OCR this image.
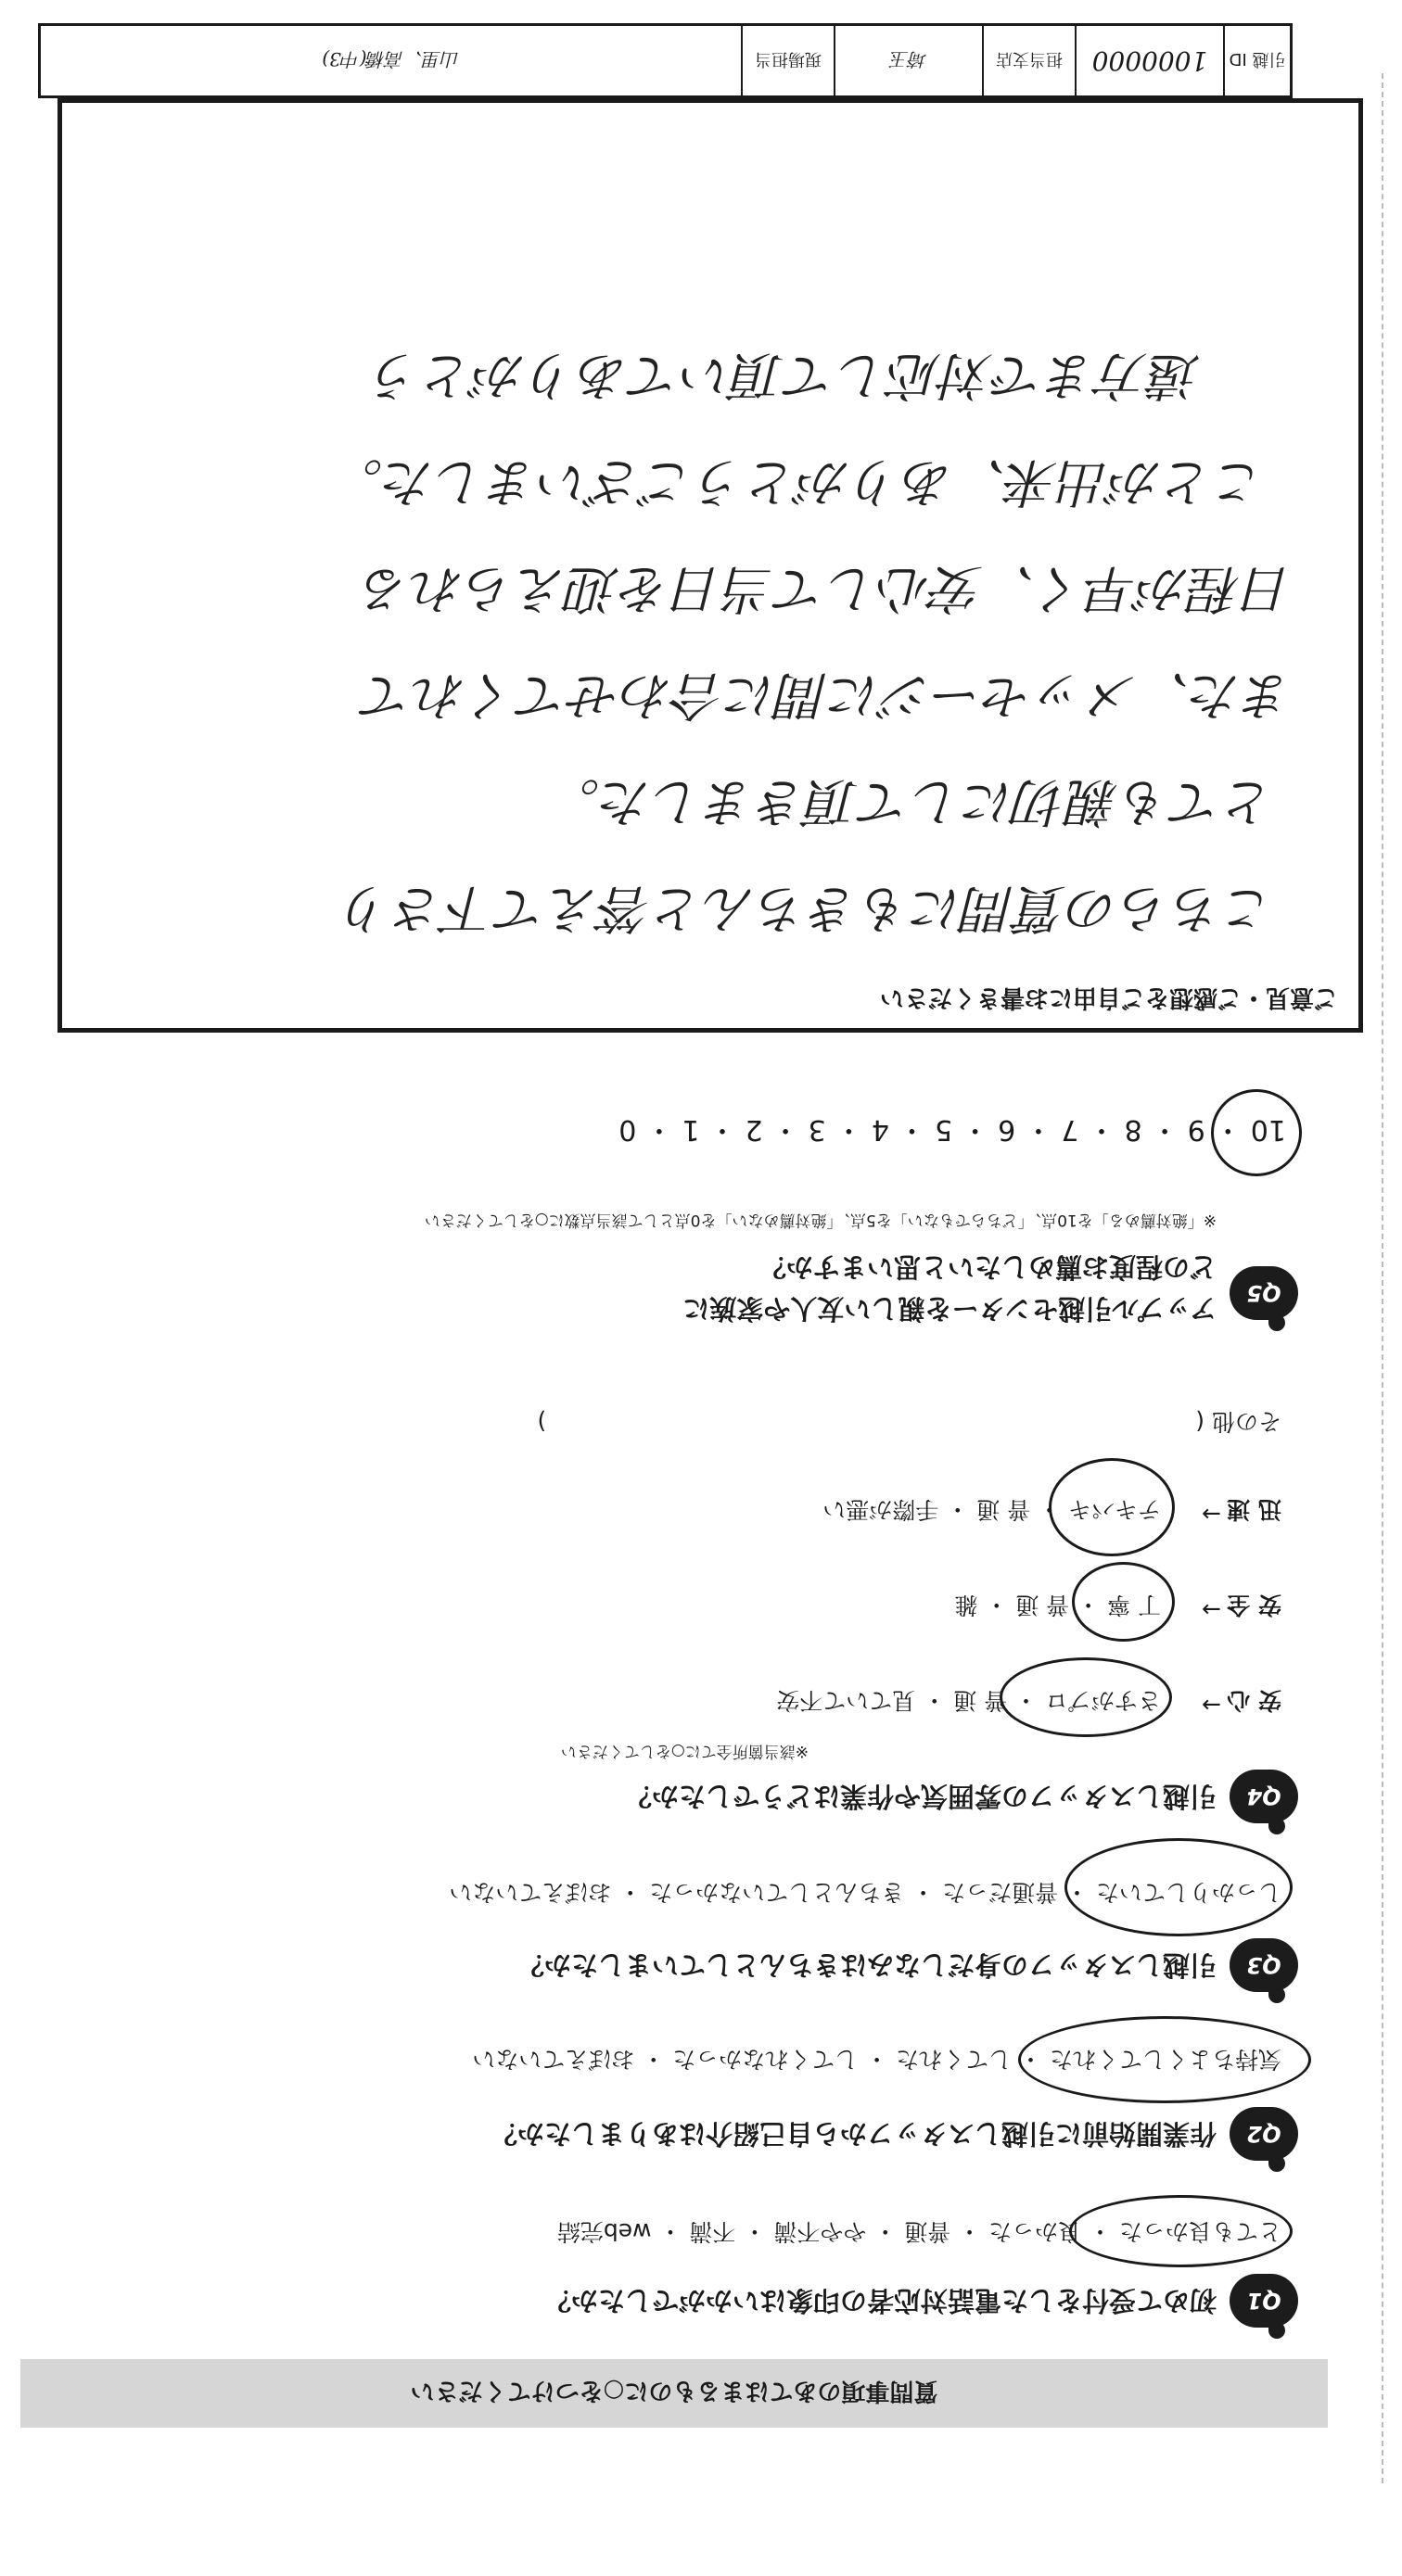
質問事項のあてはまるものに○をつけてください
Q1
初めて受付をした電話対応者の印象はいかがでしたか？
とても良かった ・ 良かった ・ 普通 ・ やや不満 ・ 不満 ・ web完結
Q2
作業開始前に引越しスタッフから自己紹介はありましたか？
気持ちよくしてくれた ・ してくれた ・ してくれなかった ・ おぼえていない
Q3
引越しスタッフの身だしなみはきちんとしていましたか？
しっかりしていた ・ 普通だった ・ きちんとしていなかった ・ おぼえていない
Q4
引越しスタッフの雰囲気や作業はどうでしたか？
※該当箇所全てに○をしてください
安 心
→
さすがプロ ・ 普 通 ・ 見ていて不安
安 全
→
丁 寧 ・ 普 通 ・ 雑
迅 速
→
テキパキ ・ 普 通 ・ 手際が悪い
その他 (　　　　　　　　　　　　　　　　　　　　　　　　　　　　)
Q5
アップル引越センターを親しい友人や家族に
どの程度お薦めしたいと思いますか？
※「絶対薦める」を10点、「どちらでもない」を5点、「絶対薦めない」を0点として該当点数に○をしてください
10 ・ 9 ・ 8 ・ 7 ・ 6 ・ 5 ・ 4 ・ 3 ・ 2 ・ 1 ・ 0
ご意見・ご感想をご自由にお書きください
こちらの質問にもきちんと答えて下さり
とても親切にして頂きました。
また、メッセージに間に合わせてくれて
日程が早く、安心して当日を迎えられる
ことが出来、ありがとうございました。
遠方まで対応して頂いてありがとう
引越 ID
1000000
担当支店
埼玉
現場担当
山里、高橋(中3)
